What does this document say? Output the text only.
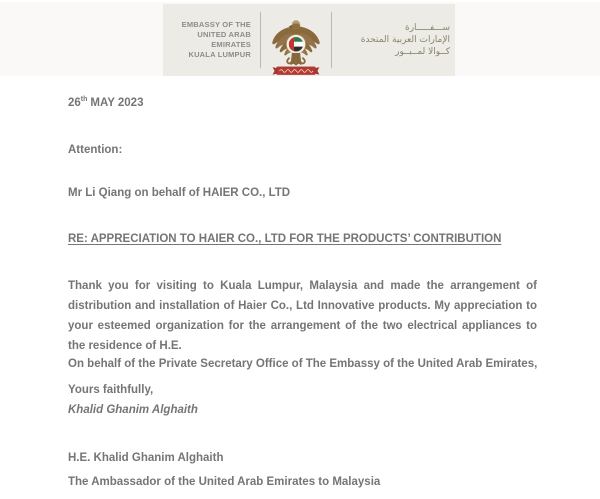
EMBASSY OF THE
UNITED ARAB EMIRATES
KUALA LUMPUR
ســـفـــــارة
الإمارات العربية المتحدة
كــوالا لمــبــور
26th MAY 2023
Attention:
Mr Li Qiang on behalf of HAIER CO., LTD
RE: APPRECIATION TO HAIER CO., LTD FOR THE PRODUCTS’ CONTRIBUTION
Thank you for visiting to Kuala Lumpur, Malaysia and made the arrangement of distribution and installation of Haier Co., Ltd Innovative products. My appreciation to your esteemed organization for the arrangement of the two electrical appliances to the residence of H.E.
On behalf of the Private Secretary Office of The Embassy of the United Arab Emirates,
Yours faithfully,
Khalid Ghanim Alghaith
H.E. Khalid Ghanim Alghaith
The Ambassador of the United Arab Emirates to Malaysia
